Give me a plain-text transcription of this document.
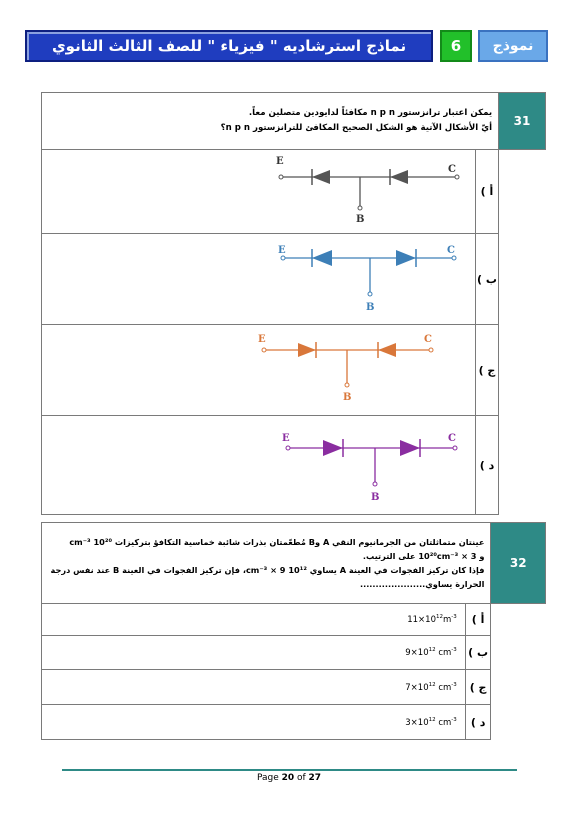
نماذج استرشاديه " فيزياء " للصف الثالث الثانوي	6	نموذج
يمكن اعتبار ترانزستور n p n مكافئاً لدايودين متصلين معاً.
أيّ الأشكال الآتية هو الشكل الصحيح المكافئ للترانزستور n p n؟		31

E
C
B	أ )	

E C
B	ب )	

E C
B	ج )	

E C
B	د )	
عينتان متماثلتان من الجرمانيوم النقي A وB مُطعّمتان بذرات شائبة خماسية التكافؤ بتركيزات 10²⁰ cm⁻³
و 10²⁰cm⁻³ × 3 على الترتيب.
فإذا كان تركيز الفجوات في العينة A يساوي 10¹² cm⁻³ × 9، فإن تركيز الفجوات في العينة B عند نفس درجة
الحرارة يساوي.....................		32
$11\times 10^{12}m^{-3}$	أ )	
$9\times 10^{12}$ $cm^{-3}$	ب )	
$7\times 10^{12}$ $cm^{-3}$	ج )	
$3\times 10^{12}$ $cm^{-3}$	د )	
Page 20 of 27
